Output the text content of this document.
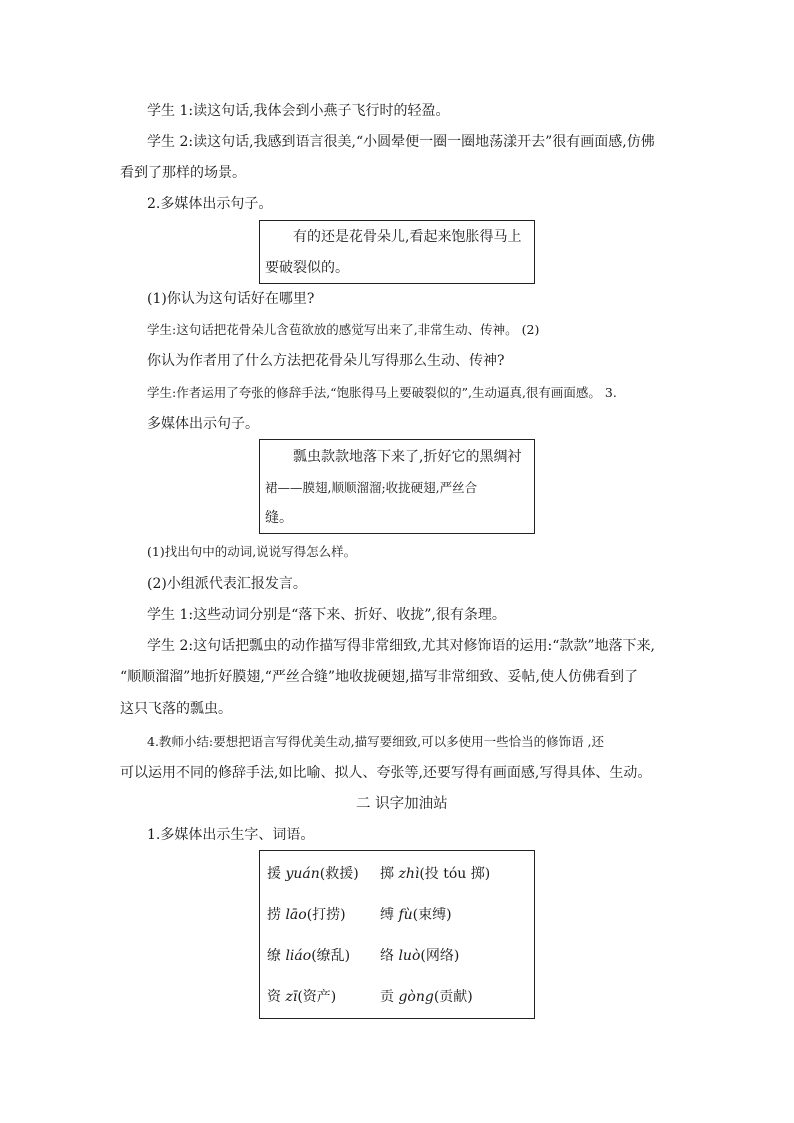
学生 1:读这句话,我体会到小燕子飞行时的轻盈。
学生 2:读这句话,我感到语言很美,“小圆晕便一圈一圈地荡漾开去”很有画面感,仿佛
看到了那样的场景。
2.多媒体出示句子。
有的还是花骨朵儿,看起来饱胀得马上
要破裂似的。
(1)你认为这句话好在哪里?
学生:这句话把花骨朵儿含苞欲放的感觉写出来了,非常生动、传神。 (2)
你认为作者用了什么方法把花骨朵儿写得那么生动、传神?
学生:作者运用了夸张的修辞手法,“饱胀得马上要破裂似的”,生动逼真,很有画面感。 3.
多媒体出示句子。
瓢虫款款地落下来了,折好它的黑绸衬
裙——膜翅,顺顺溜溜;收拢硬翅,严丝合
缝。
(1)找出句中的动词,说说写得怎么样。
(2)小组派代表汇报发言。
学生 1:这些动词分别是“落下来、折好、收拢”,很有条理。
学生 2:这句话把瓢虫的动作描写得非常细致,尤其对修饰语的运用:“款款”地落下来,
“顺顺溜溜”地折好膜翅,“严丝合缝”地收拢硬翅,描写非常细致、妥帖,使人仿佛看到了
这只飞落的瓢虫。
4.教师小结:要想把语言写得优美生动,描写要细致,可以多使用一些恰当的修饰语 ,还
可以运用不同的修辞手法,如比喻、拟人、夸张等,还要写得有画面感,写得具体、生动。
二 识字加油站
1.多媒体出示生字、词语。
援 yuán(救援) 掷 zhì(投 tóu 掷)
捞 lāo(打捞) 缚 fù(束缚)
缭 liáo(缭乱) 络 luò(网络)
资 zī(资产)	贡 gòng(贡献)
